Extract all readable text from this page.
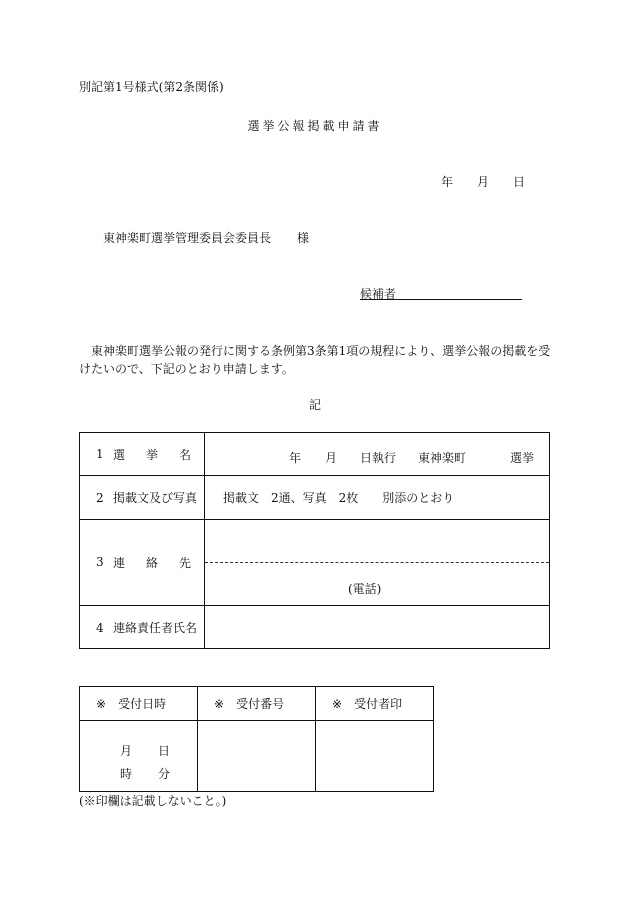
別記第1号様式(第2条関係)
選挙公報掲載申請書
年 月 日
東神楽町選挙管理委員会委員長 様
候補者
東神楽町選挙公報の発行に関する条例第3条第1項の規程により、選挙公報の掲載を受けたいので、下記のとおり申請します。
記
1 選 挙 名	年 月 日執行 東神楽町 選挙

2 掲載文及び写真	掲載文　2通、写真　2枚　　別添のとおり
3 連 絡 先	(電話)

4 連絡責任者氏名	
※ 受付日時	※ 受付番号	※ 受付者印

月 日
時 分		

(※印欄は記載しないこと。)
